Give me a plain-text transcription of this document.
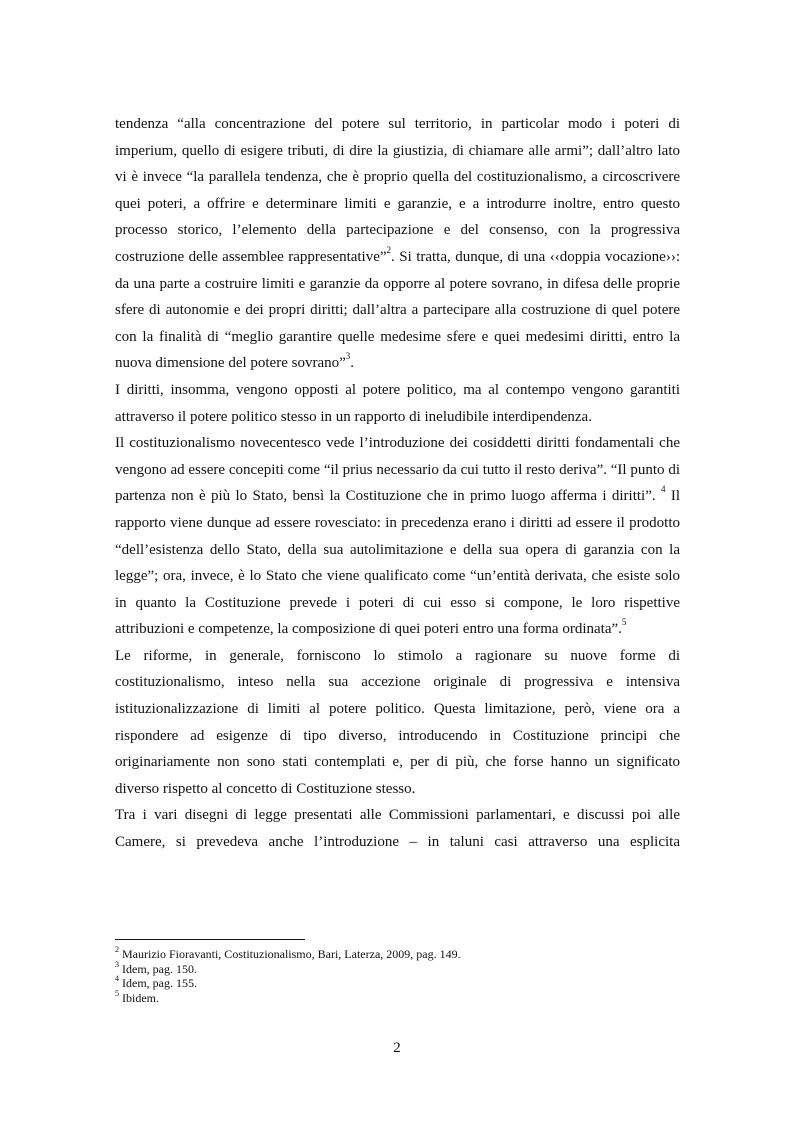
tendenza “alla concentrazione del potere sul territorio, in particolar modo i poteri di imperium, quello di esigere tributi, di dire la giustizia, di chiamare alle armi”; dall’altro lato vi è invece “la parallela tendenza, che è proprio quella del costituzionalismo, a circoscrivere quei poteri, a offrire e determinare limiti e garanzie, e a introdurre inoltre, entro questo processo storico, l’elemento della partecipazione e del consenso, con la progressiva costruzione delle assemblee rappresentative”$^2$. Si tratta, dunque, di una ‹‹doppia vocazione››: da una parte a costruire limiti e garanzie da opporre al potere sovrano, in difesa delle proprie sfere di autonomie e dei propri diritti; dall’altra a partecipare alla costruzione di quel potere con la finalità di “meglio garantire quelle medesime sfere e quei medesimi diritti, entro la nuova dimensione del potere sovrano”$^3$.

I diritti, insomma, vengono opposti al potere politico, ma al contempo vengono garantiti attraverso il potere politico stesso in un rapporto di ineludibile interdipendenza.

Il costituzionalismo novecentesco vede l’introduzione dei cosiddetti diritti fondamentali che vengono ad essere concepiti come “il prius necessario da cui tutto il resto deriva”. “Il punto di partenza non è più lo Stato, bensì la Costituzione che in primo luogo afferma i diritti”. $^4$ Il rapporto viene dunque ad essere rovesciato: in precedenza erano i diritti ad essere il prodotto “dell’esistenza dello Stato, della sua autolimitazione e della sua opera di garanzia con la legge”; ora, invece, è lo Stato che viene qualificato come “un’entità derivata, che esiste solo in quanto la Costituzione prevede i poteri di cui esso si compone, le loro rispettive attribuzioni e competenze, la composizione di quei poteri entro una forma ordinata”.$^5$

Le riforme, in generale, forniscono lo stimolo a ragionare su nuove forme di costituzionalismo, inteso nella sua accezione originale di progressiva e intensiva istituzionalizzazione di limiti al potere politico. Questa limitazione, però, viene ora a rispondere ad esigenze di tipo diverso, introducendo in Costituzione principi che originariamente non sono stati contemplati e, per di più, che forse hanno un significato diverso rispetto al concetto di Costituzione stesso.

Tra i vari disegni di legge presentati alle Commissioni parlamentari, e discussi poi alle Camere, si prevedeva anche l’introduzione – in taluni casi attraverso una esplicita

$^2$ Maurizio Fioravanti, Costituzionalismo, Bari, Laterza, 2009, pag. 149.

$^3$ Idem, pag. 150.

$^4$ Idem, pag. 155.

$^5$ Ibidem.

2
